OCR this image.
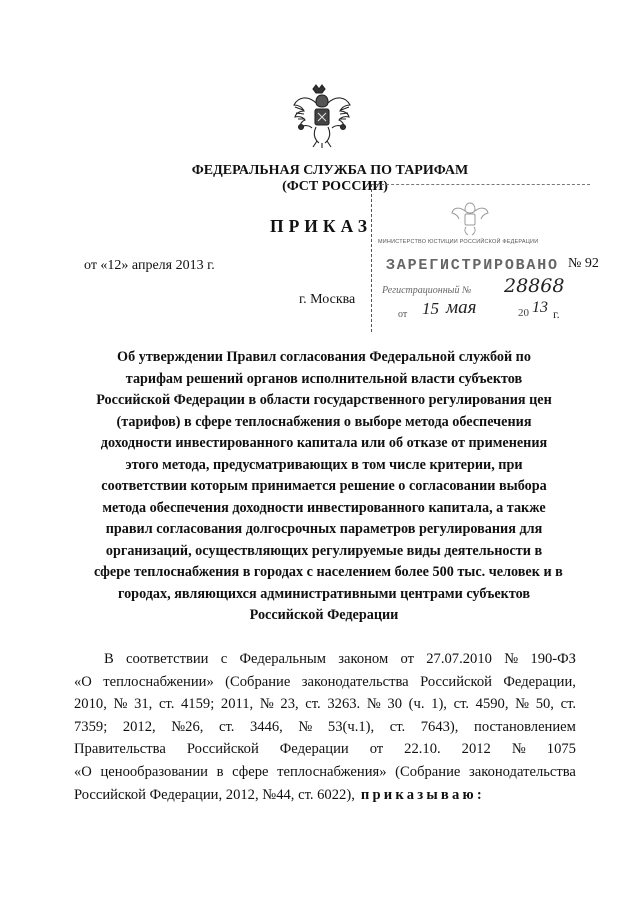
ФЕДЕРАЛЬНАЯ СЛУЖБА ПО ТАРИФАМ
(ФСТ РОССИИ)
ПРИКАЗ
от «12» апреля 2013 г.	№ 92
г. Москва
МИНИСТЕРСТВО ЮСТИЦИИ РОССИЙСКОЙ ФЕДЕРАЦИИ
ЗАРЕГИСТРИРОВАНО
Регистрационный № 28868
от 15 мая	20 13 г.
Об утверждении Правил согласования Федеральной службой по
тарифам решений органов исполнительной власти субъектов
Российской Федерации в области государственного регулирования цен
(тарифов) в сфере теплоснабжения о выборе метода обеспечения
доходности инвестированного капитала или об отказе от применения
этого метода, предусматривающих в том числе критерии, при
соответствии которым принимается решение о согласовании выбора
метода обеспечения доходности инвестированного капитала, а также
правил согласования долгосрочных параметров регулирования для
организаций, осуществляющих регулируемые виды деятельности в
сфере теплоснабжения в городах с населением более 500 тыс. человек и в
городах, являющихся административными центрами субъектов
Российской Федерации
В соответствии с Федеральным законом от 27.07.2010 № 190-ФЗ
«О теплоснабжении» (Собрание законодательства Российской Федерации,
2010, № 31, ст. 4159; 2011, № 23, ст. 3263. № 30 (ч. 1), ст. 4590, № 50, ст.
7359; 2012, №26, ст. 3446, № 53(ч.1), ст. 7643), постановлением
Правительства Российской Федерации от 22.10. 2012 № 1075
«О ценообразовании в сфере теплоснабжения» (Собрание законодательства
Российской Федерации, 2012, №44, ст. 6022), приказываю:
